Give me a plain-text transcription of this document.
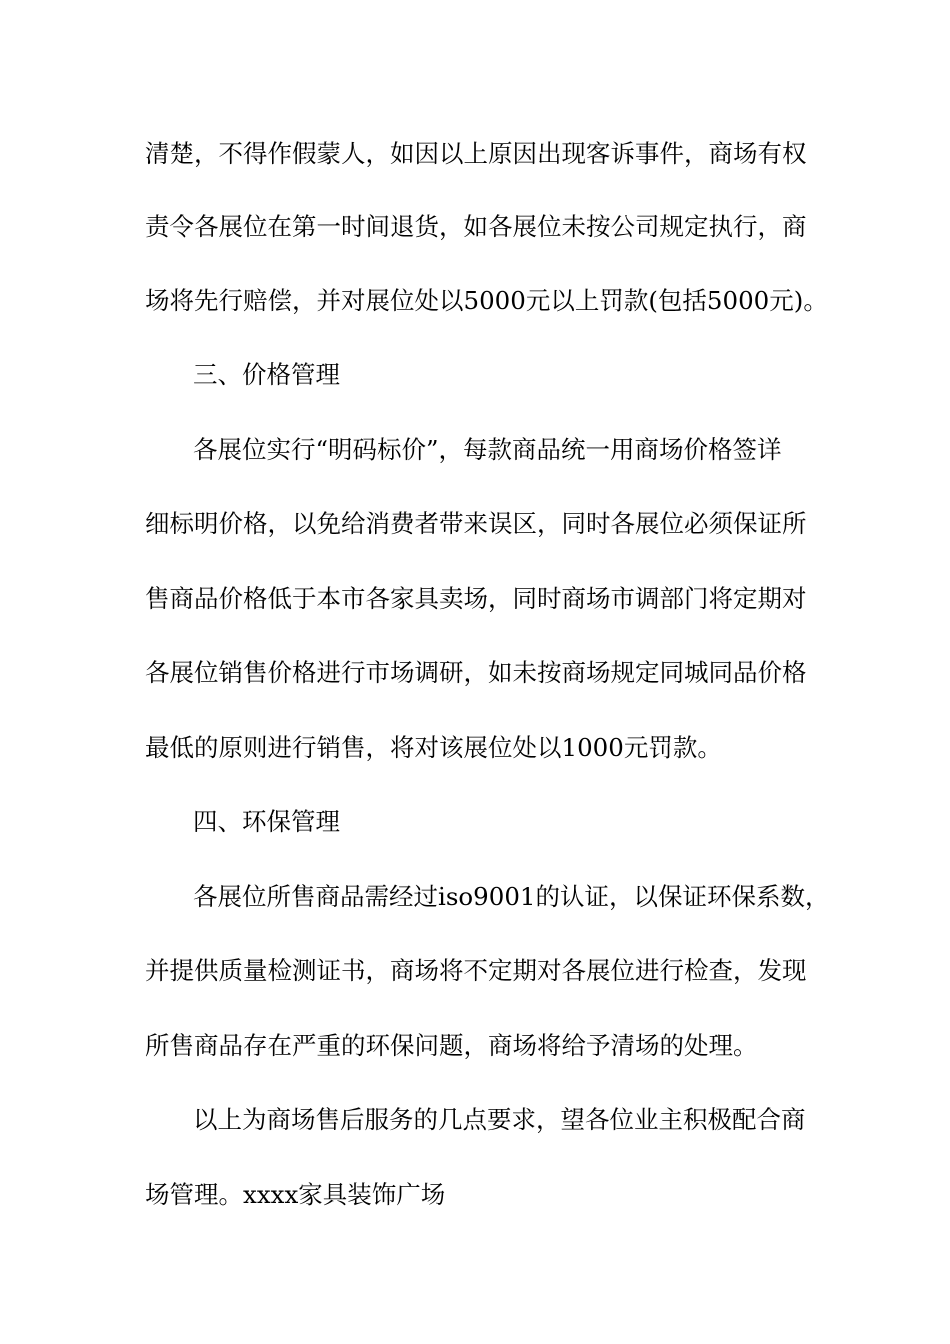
清楚，不得作假蒙人，如因以上原因出现客诉事件，商场有权

责令各展位在第一时间退货，如各展位未按公司规定执行，商

场将先行赔偿，并对展位处以5000元以上罚款(包括5000元)。

三、价格管理

各展位实行“明码标价”，每款商品统一用商场价格签详

细标明价格，以免给消费者带来误区，同时各展位必须保证所

售商品价格低于本市各家具卖场，同时商场市调部门将定期对

各展位销售价格进行市场调研，如未按商场规定同城同品价格

最低的原则进行销售，将对该展位处以1000元罚款。

四、环保管理

各展位所售商品需经过iso9001的认证，以保证环保系数，

并提供质量检测证书，商场将不定期对各展位进行检查，发现

所售商品存在严重的环保问题，商场将给予清场的处理。

以上为商场售后服务的几点要求，望各位业主积极配合商

场管理。xxxx家具装饰广场
